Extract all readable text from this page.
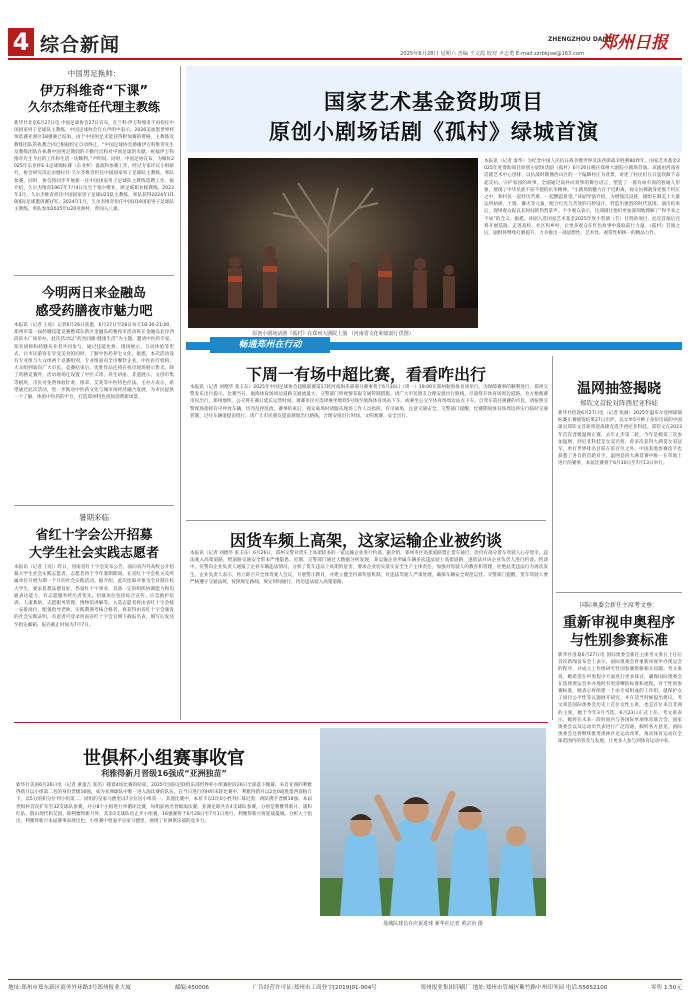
4 综合新闻	2025年6月28日 星期六 青编 王文霞 校对 尹志勇 E-mail:zzrbkjsw@163.com
ZHENGZHOU DAILY
郑州日报
中国男足换帅：
伊万科维奇“下课”
久尔杰维奇任代理主教练
新华社北京6月27日电 中国足球协会27日宣布，在兰科·伊万科维奇不再担任中国国家男子足球队主教练，中国足球协会官方声明中表示，2026美加墨世界杯预选赛亚洲区18强赛已结束，由于中国男足未能获得附加赛的资格，主教练及教练团队的执教合同已根据约定自动终止。“中国足球协会感谢伊万科维奇先生及教练团队在执教中国男足期间的辛勤付出和对中国足球的贡献，祝福伊万科维奇先生今后的工作和生活一切顺利。”声明说。同时，中国足协宣布，为做好2025年东亚杯E-1足球锦标赛（东亚杯）备战和参赛工作，经过专家评议小组研究，协会研究决定由德拉甘·久尔杰维奇担任中国国家男子足球队主教练，率队参赛。同时，协会将同步开展新一任中国国家男子足球队主教练选聘工作。据介绍，久尔杰维奇1967年7月4日出生于塞尔维亚，欧足联职业级教练。2023年3月，久尔杰维奇担任中国国家男子足球U21队主教练，率队获得2024年U19国际足球邀请赛冠军。2024年1月，久尔杰维奇担任中国U19国家男子足球队主教练，率队参加2025年U20亚洲杯，曾闯入八强。
今明两日来金融岛
感受药膳夜市魅力吧
本报讯（记者 王绍）记者6月26日获悉，6月27日至28日每天18:30-21:00，郑州市第一届药膳技能竞赛暨郑东新区金融岛药膳夜市活动将在金融岛北岸西段滨水广场举办。此次活动以“药食同源·健康生活”为主题，邀请中医药专家、知名厨师和药膳从业者共同参与，通过技能比拼、现场展示、互动体验等形式，让市民游客在享受美食的同时，了解中医药养生文化。据悉，本次活动设有专业组与大众组两个竞赛组别，专业组面向全市餐饮企业、中医医疗机构，大众组则面向广大市民。竞赛结束后，优胜作品还将在夜市现场展示售卖。除了药膳竞赛外，活动现场还设置了中医义诊、养生讲座、非遗展示、文创市集等板块，市民可免费体验针灸、推拿、艾灸等中医特色疗法。主办方表示，希望通过此次活动，进一步推动中医药文化与城市夜经济融合发展，为市民提供一个了解、体验中医药的平台，打造郑州特色夜间消费新场景。
暑期来临
省红十字会公开招募
大学生社会实践志愿者
本报讯（记者 王绍）昨日，河南省红十字会发布公告，面向省内外高校公开招募大学生社会实践志愿者。志愿者将于今年暑期期间，在省红十字会机关及所属单位开展为期一个月的社会实践活动。据介绍，此次招募对象为全日制在校大学生，要求思想品德良好，热爱红十字事业，具备一定的组织协调能力和沟通表达能力，有志愿服务经历者优先。招募岗位包括综合宣传、应急救护培训、人道救助、志愿服务管理、博物馆讲解等。入选志愿者将由省红十字会统一安排岗位，配备指导老师，实践期满考核合格者，将获得由省红十字会颁发的社会实践证明。有意者可登录河南省红十字会官网下载报名表，填写后发送至指定邮箱，报名截止时间为7月7日。
国家艺术基金资助项目
原创小剧场话剧《孤村》绿城首演
原创小剧场话剧《孤村》在郑州大剧院上演 （河南省文化和旅游厅供图）
本报讯（记者 秦华）为纪念中国人民抗日战争暨世界反法西斯战争胜利80周年，国家艺术基金2025年度资助项目原创小剧场话剧《孤村》6月26日晚在郑州大剧院小剧场首演。该剧由河南省话剧艺术中心创排，以抗战时期豫西山区的一个偏僻村庄为背景，讲述了村民们在日寇铁蹄下奋起反抗、守护家园的故事。全剧通过质朴而真挚的舞台语言，塑造了一群有血有肉的普通人形象，展现了中华民族不屈不挠的抗争精神。“小剧场的魅力在于近距离，观众仿佛就身处那个村庄之中，和村民一起经历苦难、一起燃起希望。”该剧导演介绍，为增强沉浸感，剧组在舞美上大量运用枯树、土墙、篝火等元素，配合灯光与音效的巧妙设计，营造出强烈的时代氛围。演出结束后，现场观众报以长时间的热烈掌声。不少观众表示，这部剧让他们更加深刻地理解了“和平来之不易”的含义。据悉，该剧入选国家艺术基金2025年度小型剧（节）目资助项目，此次首演后还将开展巡演，走进高校、社区和乡村，让更多观众在红色故事中汲取前行力量。《孤村》首演之后，剧组将继续打磨提升，力争推出一部思想性、艺术性、观赏性相统一的精品力作。
畅通郑州在行动
下周一有场中超比赛，看看咋出行
本报讯（记者 刘德华 张玉东）2025年中国足球协会超级联赛第17轮河南俱乐部部分赛事将于6月30日（周一）19:00在郑州航海体育场举行。为保障赛事的顺利进行，郑州交警发布出行提示。比赛当日，航海体育场周边道路交通流量大，交警部门将视情采取交通管制措施。请广大市民朋友合理安排出行路线，尽量绕开体育场周边道路。为方便观赛市民出行，郑州地铁、公交将在赛后延长运营时间。观赛市民可选择乘坐地铁5号线至航海体育场站下车，或乘坐公交至体育场周边站点下车。自驾车前往观赛的市民，请按照交警现场指挥有序停放车辆，切勿乱停乱放。赛事结束后，观众离场时请服从现场工作人员指挥，有序离场，注意交通安全。交警部门提醒，比赛期间体育场周边将实行临时交通管制，过往车辆请提前绕行。请广大市民朋友提前规划出行路线，合理安排出行时间，文明观赛、安全出行。
因货车频上高架，这家运输企业被约谈
本报讯（记者 刘德华 张玉东）6月26日，郑州交警对货车上高架较多的一家运输企业进行约谈。据介绍，郑州市区高架道路禁止货车通行，但仍有部分货车驾驶人心存侥幸，违法驶入高架道路，给道路交通安全带来严重隐患。近期，交警部门通过大数据分析发现，某运输企业所属车辆多次违法驶上高架道路，遂依法对该企业负责人进行约谈。约谈中，民警向企业负责人通报了企业车辆违法情况，分析了货车违法上高架的危害，要求企业切实落实安全生产主体责任，加强对驾驶人的教育和管理，杜绝此类违法行为再次发生。企业负责人表示，将立即召开全体驾驶人会议，开展警示教育，并建立健全内部奖惩机制，对违法驾驶人严肃处理，确保车辆安全规范运营。交警部门提醒，货车驾驶人要严格遵守交通法规，按照规定路线、规定时间通行，切勿违法驶入高架道路。
温网抽签揭晓
郑钦文首轮对阵西尼亚科娃
新华社伦敦6月27日电（记者 张薇）2025年温布尔登网球锦标赛正赛抽签结果27日出炉，以女单5号种子身份出战的中国球员郑钦文首轮将迎战捷克选手西尼亚科娃。郑钦文在2023年首次晋级温网正赛，去年止步第二轮。今年是她第三次参加温网。西尼亚科娃是女双名将，曾多次获得大满贯女双冠军，单打世界排名目前在前百位之外。中国其他参赛选手也获悉了各自的首轮对手。温网是四大满贯赛中唯一在草地上进行的赛事，本届比赛将于6月30日至7月13日举行。
国际奥委会新任主席考文垂：
重新审视申奥程序
与性别参赛标准
新华社洛桑6月27日电 国际奥委会新任主席考文垂在上任后首次新闻发布会上表示，国际奥委会将重新审视申办奥运会的程序，并成立工作组研究性别参赛资格相关问题。考文垂说，她希望在申奥程序方面进行更多探讨，确保国际奥委会在选择奥运会举办地时有更清晰的标准和流程。对于性别参赛标准，她表示将组建一个由专家组成的工作组，就保护女子项目公平性等议题展开研究，并在适当时候提出建议。考文垂是国际奥委会历史上首位女性主席，也是首位来自非洲的主席。她于今年3月当选，6月23日正式上任。考文垂表示，她将在未来一段时间内与各国际单项体育联合会、国家奥委会以及运动员代表进行广泛沟通，倾听各方意见。国际奥委会还将继续推进奥林匹克运动改革，推动体育运动在全球范围内的普及与发展，让更多人参与到体育运动中来。
世俱杯小组赛事收官
利雅得新月晋级16强成“亚洲独苗”
新华社美国6月26日电（记者 重童吉 张芮）随着4场比赛的结束，2025年国际足联俱乐部世界杯小组赛阶段26日全部落下帷幕。来自亚洲的利雅得新月以小组第二名的身份晋级16强，成为亚洲球队中唯一进入淘汰赛的队伍。在当日进行的H组末轮比赛中，利雅得新月以2比0战胜墨西哥帕丘卡，以5分的积分位列小组第二。同组的皇家马德里以7分位居小组第一。其他比赛中，本菲卡以1比0小胜拜仁慕尼黑，两队携手晋级16强。本届世俱杯首次扩军至32支球队参赛，共分8个小组进行单循环比赛，每组前两名晋级淘汰赛。亚洲足联共有4支球队参赛，分别是利雅得新月、浦和红钻、蔚山现代和艾因。除利雅得新月外，其余3支球队均止步小组赛。16强赛将于6月28日至7月1日进行，利雅得新月将迎战曼城。分析人士指出，利雅得新月本届赛事表现出色，小组赛中曾逼平皇家马德里，展现了亚洲俱乐部的竞争力。
曼城队球员在庆祝进球 新华社记者 黄宗治 摄
地址:郑州市郑东新区商务外环路3号郑州报业大厦	邮编:450006	广告经营许可证:郑州市工商登字[2019]01-004号	郑州报业集团印刷厂 地址:郑州市管城区紫竹路中州印务园 电话:55652100	零售 1.50元
